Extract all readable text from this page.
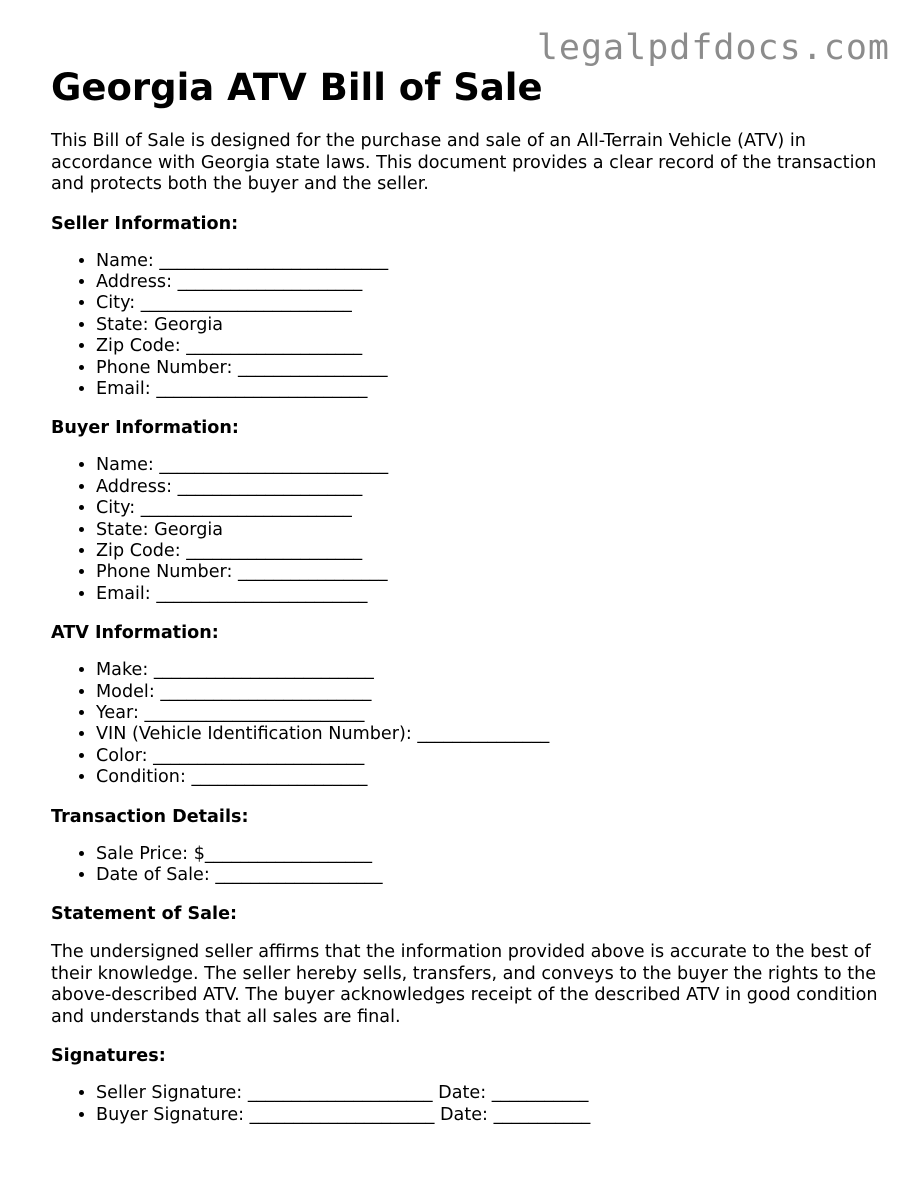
legalpdfdocs.com
Georgia ATV Bill of Sale

This Bill of Sale is designed for the purchase and sale of an All-Terrain Vehicle (ATV) in accordance with Georgia state laws. This document provides a clear record of the transaction and protects both the buyer and the seller.

Seller Information:
• Name: __________________________
• Address: _____________________
• City: ________________________
• State: Georgia
• Zip Code: ____________________
• Phone Number: _________________
• Email: ________________________
Buyer Information:
• Name: __________________________
• Address: _____________________
• City: ________________________
• State: Georgia
• Zip Code: ____________________
• Phone Number: _________________
• Email: ________________________
ATV Information:
• Make: _________________________
• Model: ________________________
• Year: _________________________
• VIN (Vehicle Identification Number): _______________
• Color: ________________________
• Condition: ____________________
Transaction Details:
• Sale Price: $___________________
• Date of Sale: ___________________
Statement of Sale:

The undersigned seller affirms that the information provided above is accurate to the best of their knowledge. The seller hereby sells, transfers, and conveys to the buyer the rights to the above-described ATV. The buyer acknowledges receipt of the described ATV in good condition and understands that all sales are final.

Signatures:
• Seller Signature: _____________________ Date: ___________
• Buyer Signature: _____________________ Date: ___________
